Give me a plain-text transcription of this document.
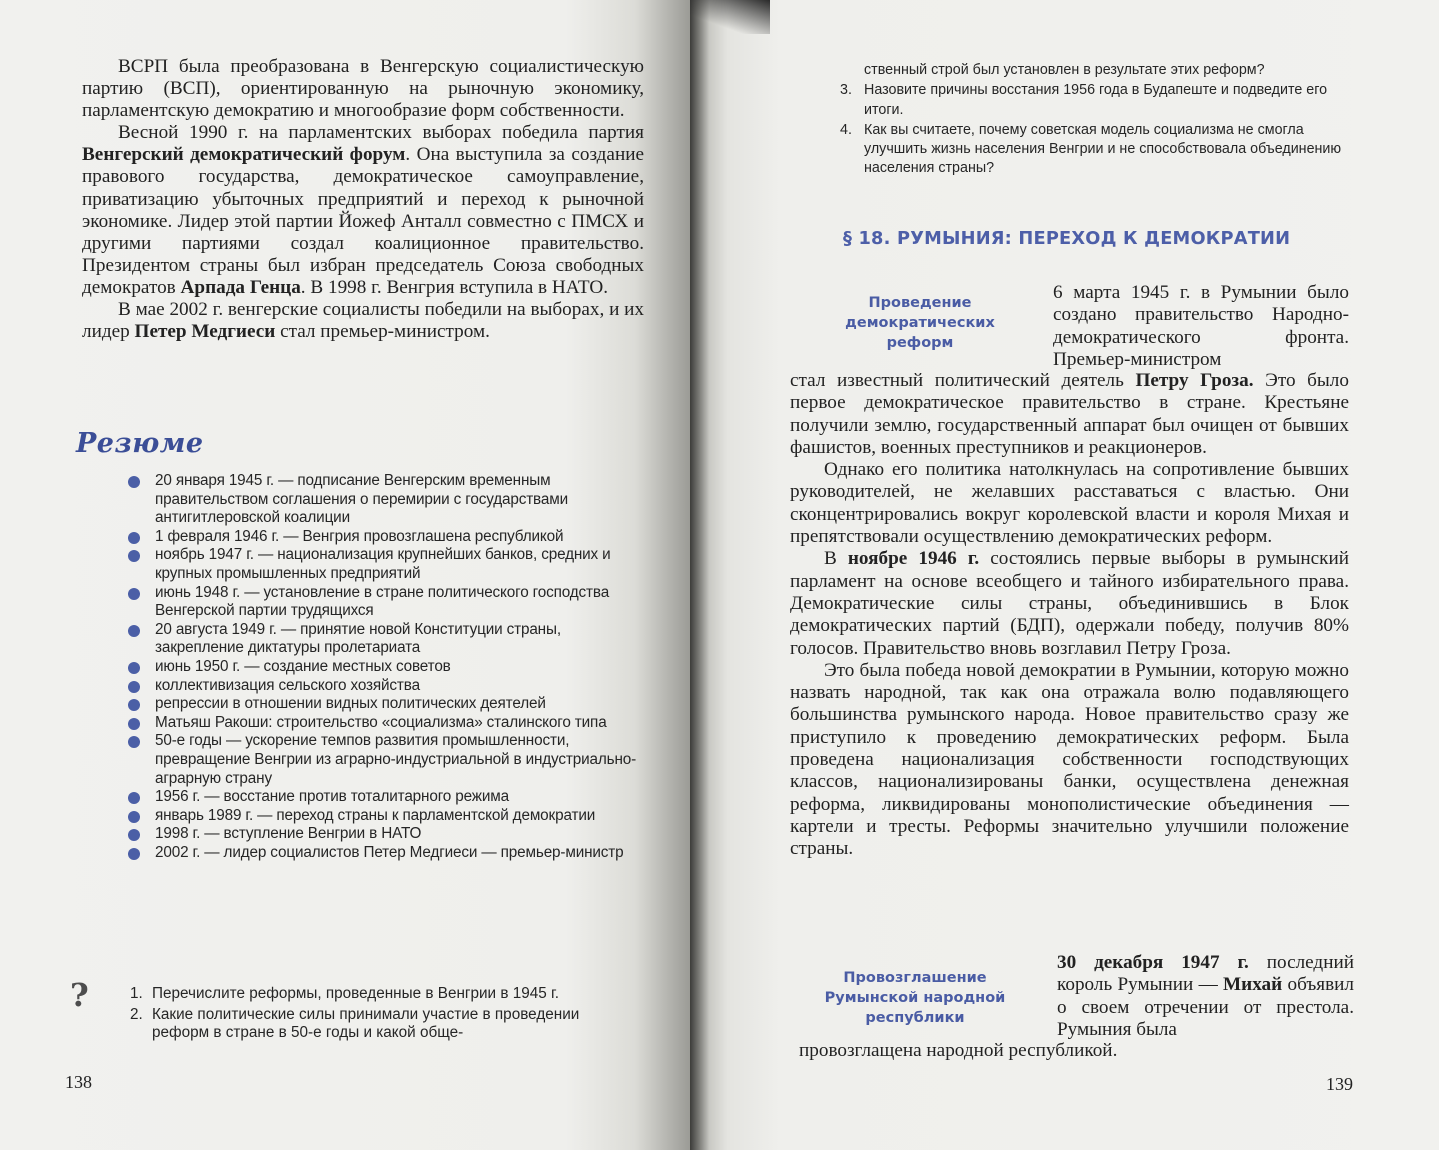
ВСРП была преобразована в Венгерскую социалистическую партию (ВСП), ориентированную на рыночную экономику, парламентскую демократию и многообразие форм собственности.

Весной 1990 г. на парламентских выборах победила партия Венгерский демократический форум. Она выступила за создание правового государства, демократическое самоуправление, приватизацию убыточных предприятий и переход к рыночной экономике. Лидер этой партии Йожеф Анталл совместно с ПМСХ и другими партиями создал коалиционное правительство. Президентом страны был избран председатель Союза свободных демократов Арпада Генца. В 1998 г. Венгрия вступила в НАТО.

В мае 2002 г. венгерские социалисты победили на выборах, и их лидер Петер Медгиеси стал премьер-министром.

Резюме
20 января 1945 г. — подписание Венгерским временным правительством соглашения о перемирии с государствами антигитлеровской коалиции
1 февраля 1946 г. — Венгрия провозглашена республикой
ноябрь 1947 г. — национализация крупнейших банков, средних и крупных промышленных предприятий
июнь 1948 г. — установление в стране политического господства Венгерской партии трудящихся
20 августа 1949 г. — принятие новой Конституции страны, закрепление диктатуры пролетариата
июнь 1950 г. — создание местных советов
коллективизация сельского хозяйства
репрессии в отношении видных политических деятелей
Матьяш Ракоши: строительство «социализма» сталинского типа
50-е годы — ускорение темпов развития промышленности, превращение Венгрии из аграрно-индустриальной в индустриально-аграрную страну
1956 г. — восстание против тоталитарного режима
январь 1989 г. — переход страны к парламентской демократии
1998 г. — вступление Венгрии в НАТО
2002 г. — лидер социалистов Петер Медгиеси — премьер-министр
?	1. Перечислите реформы, проведенные в Венгрии в 1945 г.
2. Какие политические силы принимали участие в проведении реформ в стране в 50-е годы и какой обще-
138
ственный строй был установлен в результате этих реформ?
3. Назовите причины восстания 1956 года в Будапеште и подведите его итоги.
4. Как вы считаете, почему советская модель социализма не смогла улучшить жизнь населения Венгрии и не способствовала объединению населения страны?
§ 18. РУМЫНИЯ: ПЕРЕХОД К ДЕМОКРАТИИ
Проведение демократических реформ

6 марта 1945 г. в Румынии было создано правительство Народно-демократического фронта. Премьер-министром

стал известный политический деятель Петру Гроза. Это было первое демократическое правительство в стране. Крестьяне получили землю, государственный аппарат был очищен от бывших фашистов, военных преступников и реакционеров.

Однако его политика натолкнулась на сопротивление бывших руководителей, не желавших расставаться с властью. Они сконцентрировались вокруг королевской власти и короля Михая и препятствовали осуществлению демократических реформ.

В ноябре 1946 г. состоялись первые выборы в румынский парламент на основе всеобщего и тайного избирательного права. Демократические силы страны, объединившись в Блок демократических партий (БДП), одержали победу, получив 80% голосов. Правительство вновь возглавил Петру Гроза.

Это была победа новой демократии в Румынии, которую можно назвать народной, так как она отражала волю подавляющего большинства румынского народа. Новое правительство сразу же приступило к проведению демократических реформ. Была проведена национализация собственности господствующих классов, национализированы банки, осуществлена денежная реформа, ликвидированы монополистические объединения — картели и тресты. Реформы значительно улучшили положение страны.

Провозглашение Румынской народной республики

30 декабря 1947 г. последний король Румынии — Михай объявил о своем отречении от престола. Румыния была

провозглащена народной республикой.

139
